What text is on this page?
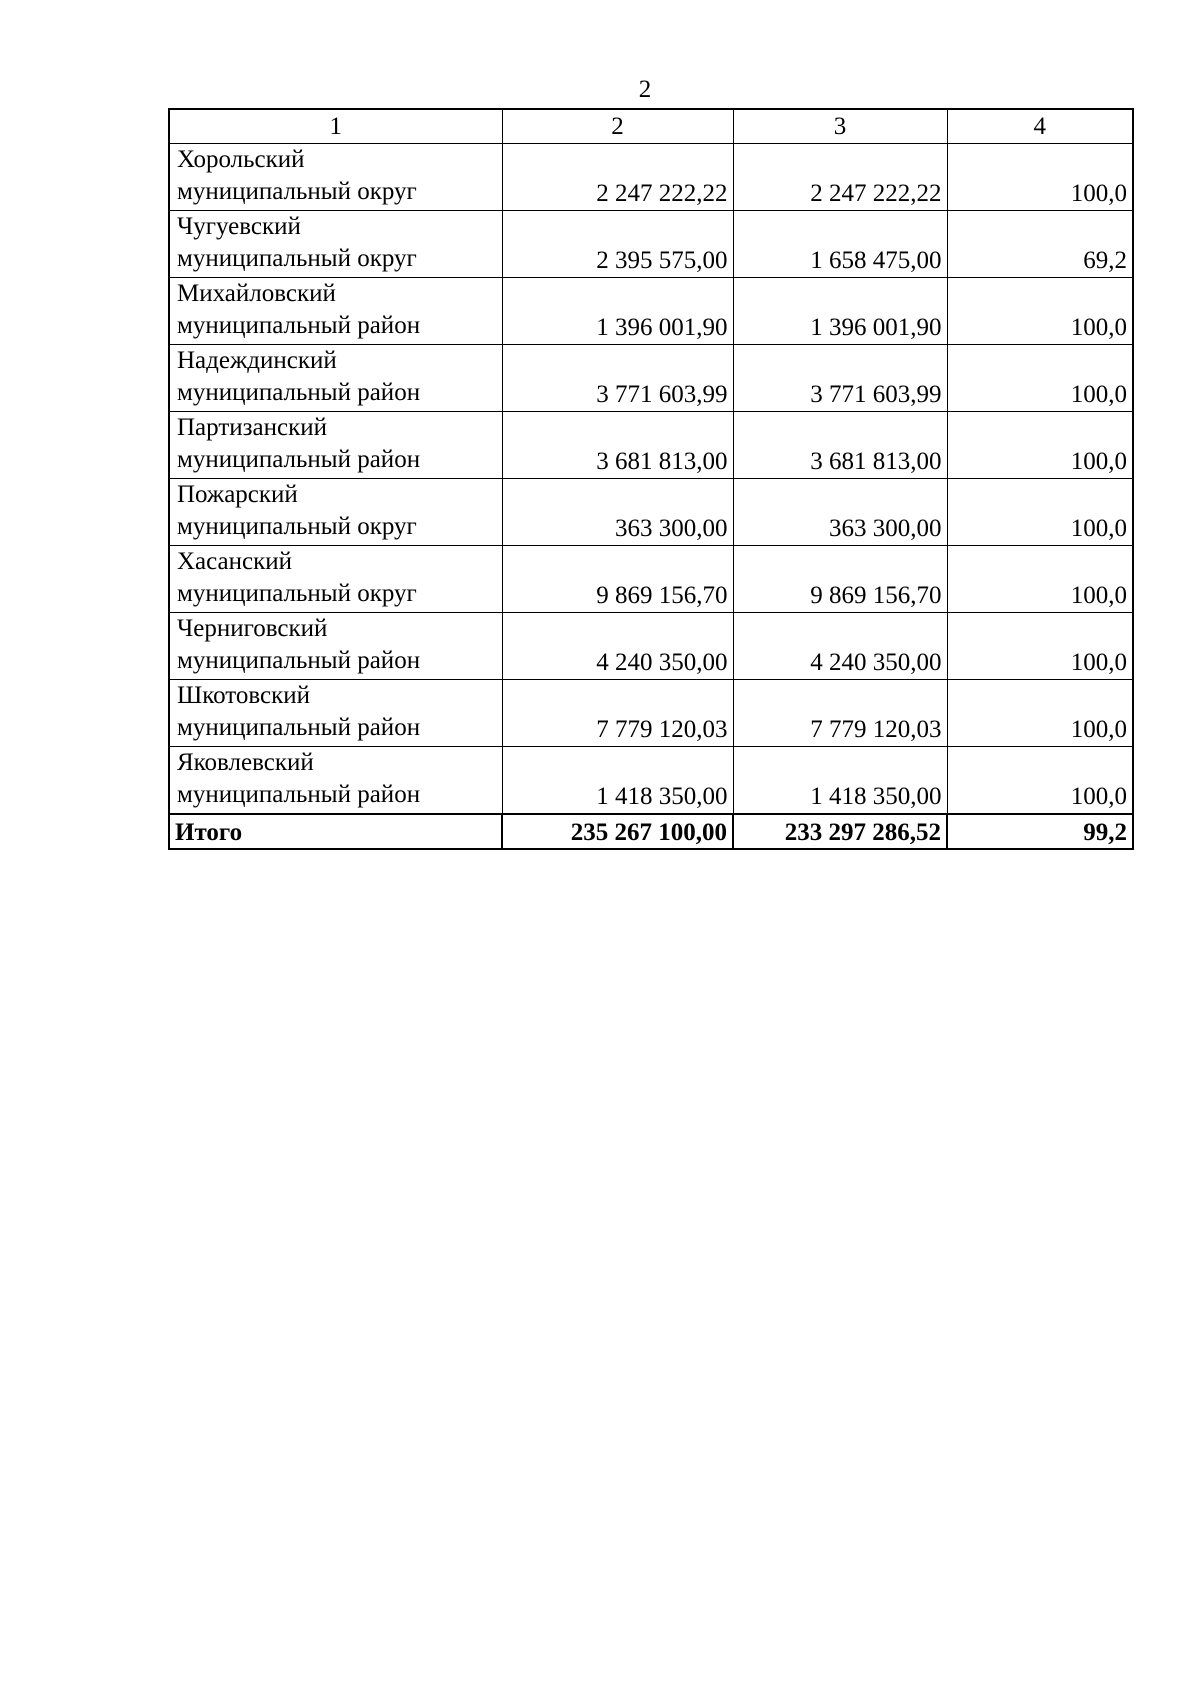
2
1	2	3	4

Хорольский
муниципальный округ	2 247 222,22	2 247 222,22	100,0

Чугуевский
муниципальный округ	2 395 575,00	1 658 475,00	69,2

Михайловский
муниципальный район	1 396 001,90	1 396 001,90	100,0

Надеждинский
муниципальный район	3 771 603,99	3 771 603,99	100,0

Партизанский
муниципальный район	3 681 813,00	3 681 813,00	100,0

Пожарский
муниципальный округ	363 300,00	363 300,00	100,0

Хасанский
муниципальный округ	9 869 156,70	9 869 156,70	100,0

Черниговский
муниципальный район	4 240 350,00	4 240 350,00	100,0

Шкотовский
муниципальный район	7 779 120,03	7 779 120,03	100,0

Яковлевский
муниципальный район	1 418 350,00	1 418 350,00	100,0
Итого	235 267 100,00	233 297 286,52	99,2
